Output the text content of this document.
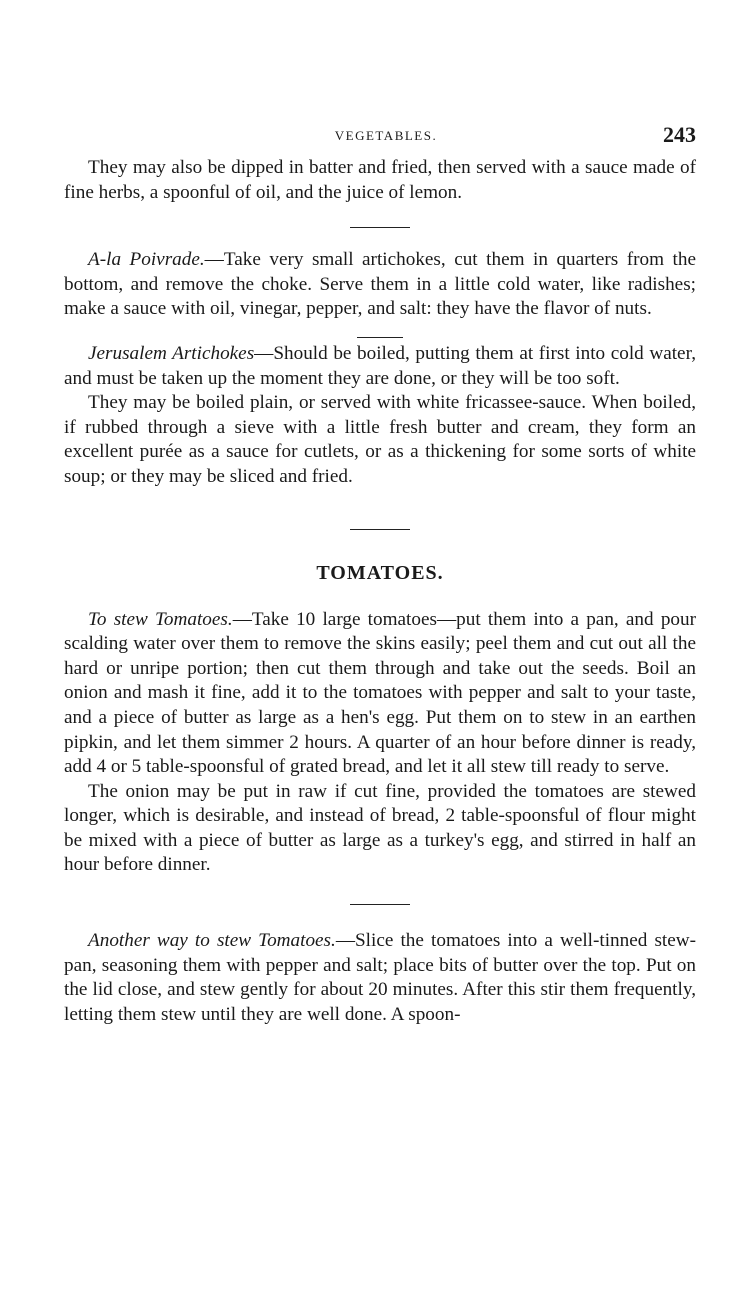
VEGETABLES.	243

They may also be dipped in batter and fried, then served with a sauce made of fine herbs, a spoonful of oil, and the juice of lemon.

A-la Poivrade.—Take very small artichokes, cut them in quarters from the bottom, and remove the choke. Serve them in a little cold water, like radishes; make a sauce with oil, vinegar, pepper, and salt: they have the flavor of nuts.

Jerusalem Artichokes—Should be boiled, putting them at first into cold water, and must be taken up the moment they are done, or they will be too soft.

They may be boiled plain, or served with white fricassee-sauce. When boiled, if rubbed through a sieve with a little fresh butter and cream, they form an excellent purée as a sauce for cutlets, or as a thickening for some sorts of white soup; or they may be sliced and fried.

TOMATOES.

To stew Tomatoes.—Take 10 large tomatoes—put them into a pan, and pour scalding water over them to remove the skins easily; peel them and cut out all the hard or unripe portion; then cut them through and take out the seeds. Boil an onion and mash it fine, add it to the tomatoes with pepper and salt to your taste, and a piece of butter as large as a hen's egg. Put them on to stew in an earthen pipkin, and let them simmer 2 hours. A quarter of an hour before dinner is ready, add 4 or 5 table-spoonsful of grated bread, and let it all stew till ready to serve.

The onion may be put in raw if cut fine, provided the tomatoes are stewed longer, which is desirable, and instead of bread, 2 table-spoonsful of flour might be mixed with a piece of butter as large as a turkey's egg, and stirred in half an hour before dinner.

Another way to stew Tomatoes.—Slice the tomatoes into a well-tinned stew-pan, seasoning them with pepper and salt; place bits of butter over the top. Put on the lid close, and stew gently for about 20 minutes. After this stir them frequently, letting them stew until they are well done. A spoon-
